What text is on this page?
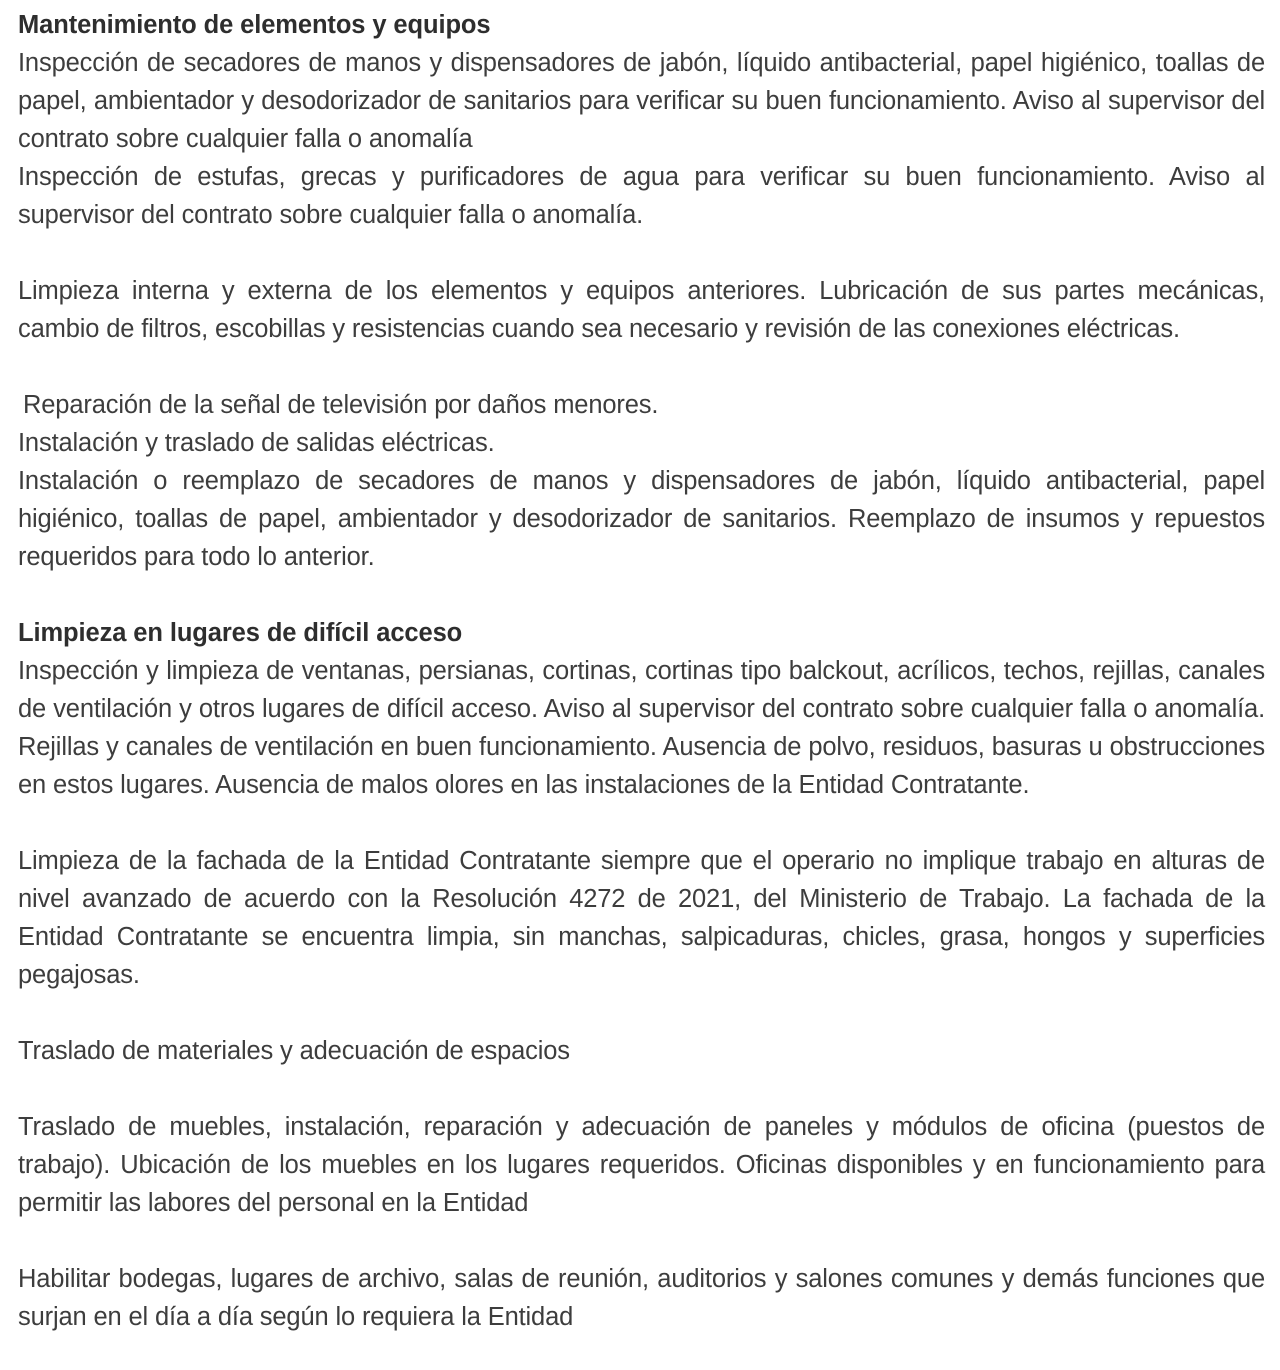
Mantenimiento de elementos y equipos

Inspección de secadores de manos y dispensadores de jabón, líquido antibacterial, papel higiénico, toallas de papel, ambientador y desodorizador de sanitarios para verificar su buen funcionamiento. Aviso al supervisor del contrato sobre cualquier falla o anomalía

Inspección de estufas, grecas y purificadores de agua para verificar su buen funcionamiento. Aviso al supervisor del contrato sobre cualquier falla o anomalía.

Limpieza interna y externa de los elementos y equipos anteriores. Lubricación de sus partes mecánicas, cambio de filtros, escobillas y resistencias cuando sea necesario y revisión de las conexiones eléctricas.

Reparación de la señal de televisión por daños menores.

Instalación y traslado de salidas eléctricas.

Instalación o reemplazo de secadores de manos y dispensadores de jabón, líquido antibacterial, papel higiénico, toallas de papel, ambientador y desodorizador de sanitarios. Reemplazo de insumos y repuestos requeridos para todo lo anterior.

Limpieza en lugares de difícil acceso

Inspección y limpieza de ventanas, persianas, cortinas, cortinas tipo balckout, acrílicos, techos, rejillas, canales de ventilación y otros lugares de difícil acceso. Aviso al supervisor del contrato sobre cualquier falla o anomalía. Rejillas y canales de ventilación en buen funcionamiento. Ausencia de polvo, residuos, basuras u obstrucciones en estos lugares. Ausencia de malos olores en las instalaciones de la Entidad Contratante.

Limpieza de la fachada de la Entidad Contratante siempre que el operario no implique trabajo en alturas de nivel avanzado de acuerdo con la Resolución 4272 de 2021, del Ministerio de Trabajo. La fachada de la Entidad Contratante se encuentra limpia, sin manchas, salpicaduras, chicles, grasa, hongos y superficies pegajosas.

Traslado de materiales y adecuación de espacios

Traslado de muebles, instalación, reparación y adecuación de paneles y módulos de oficina (puestos de trabajo). Ubicación de los muebles en los lugares requeridos. Oficinas disponibles y en funcionamiento para permitir las labores del personal en la Entidad

Habilitar bodegas, lugares de archivo, salas de reunión, auditorios y salones comunes y demás funciones que surjan en el día a día según lo requiera la Entidad
